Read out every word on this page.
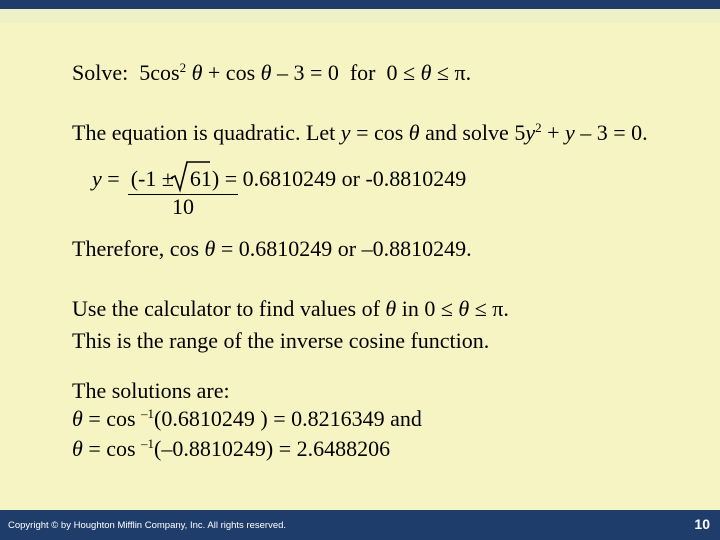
Solve: $5\cos^2$ θ + cos θ – 3 = 0 for 0 ≤ θ ≤ π.
The equation is quadratic. Let y = cos θ and solve $5y^2 + y - 3 = 0$.
y =  (-1 ± 61) = 0.6810249 or -0.8810249
10
Therefore, cos θ = 0.6810249 or –0.8810249.
Use the calculator to find values of θ in 0 ≤ θ ≤ π.
This is the range of the inverse cosine function.
The solutions are:
θ = cos $^{-1}$(0.6810249 ) = 0.8216349 and
θ = cos $^{-1}$(–0.8810249) = 2.6488206
Copyright © by Houghton Mifflin Company, Inc. All rights reserved.	10
